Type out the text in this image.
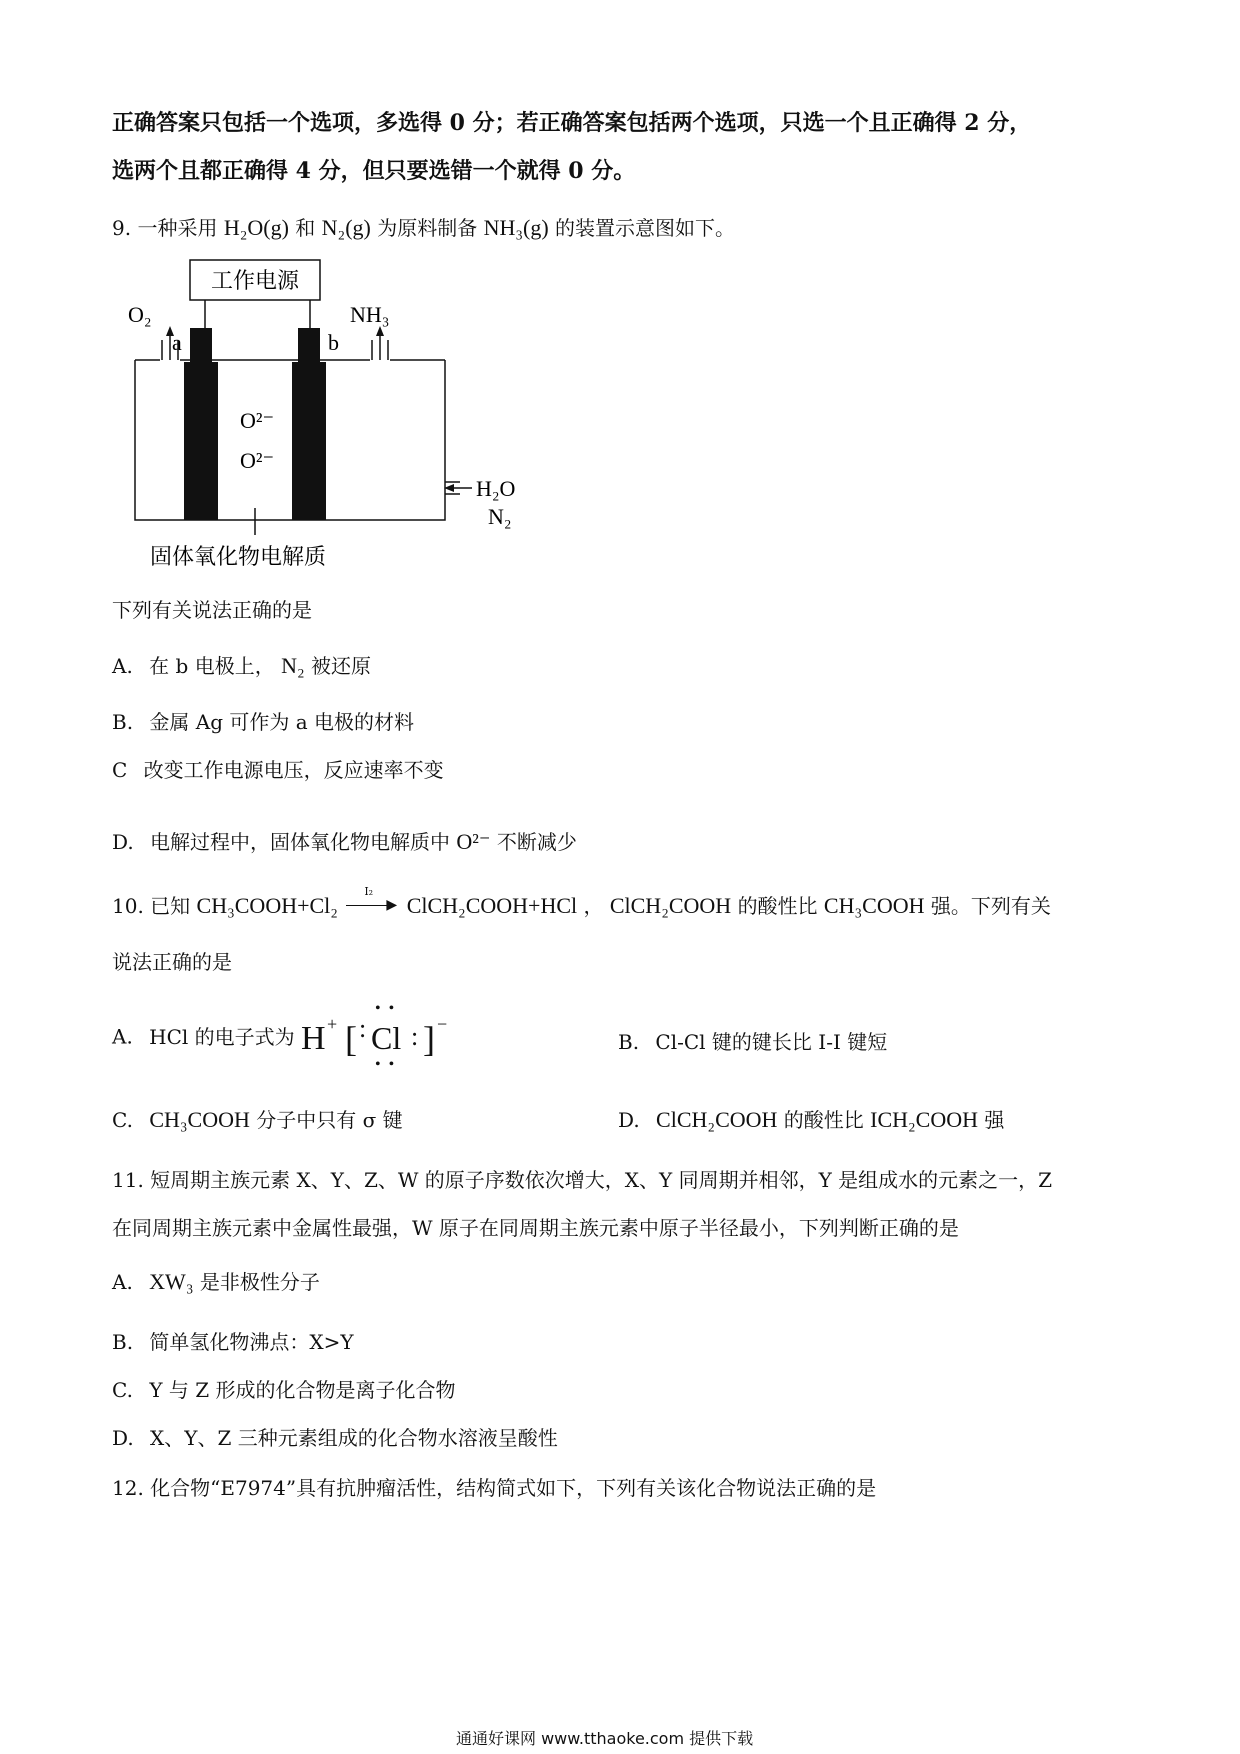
正确答案只包括一个选项，多选得 0 分；若正确答案包括两个选项，只选一个且正确得 2 分，
选两个且都正确得 4 分，但只要选错一个就得 0 分。
9. 一种采用 H₂O(g) 和 N₂(g) 为原料制备 NH₃(g) 的装置示意图如下。
工作电源
a	b
O₂	NH₃
O²⁻
O²⁻
H₂O
N₂
固体氧化物电解质
下列有关说法正确的是
A. 在 b 电极上， N₂ 被还原
B. 金属 Ag 可作为 a 电极的材料
C 改变工作电源电压，反应速率不变
D. 电解过程中，固体氧化物电解质中 O²⁻ 不断减少
10. 已知 CH₃COOH+Cl₂
I₂
▶ ClCH₂COOH+HCl ， ClCH₂COOH 的酸性比 CH₃COOH 强。下列有关
说法正确的是
A. HCl 的电子式为 H + [ : Cl
••
••
: ] −
B. Cl-Cl 键的键长比 I-I 键短
C. CH₃COOH 分子中只有 σ 键	D. ClCH₂COOH 的酸性比 ICH₂COOH 强
11. 短周期主族元素 X、Y、Z、W 的原子序数依次增大，X、Y 同周期并相邻，Y 是组成水的元素之一，Z
在同周期主族元素中金属性最强，W 原子在同周期主族元素中原子半径最小，下列判断正确的是
A. XW₃ 是非极性分子
B. 简单氢化物沸点：X>Y
C. Y 与 Z 形成的化合物是离子化合物
D. X、Y、Z 三种元素组成的化合物水溶液呈酸性
12. 化合物“E7974”具有抗肿瘤活性，结构简式如下，下列有关该化合物说法正确的是
通通好课网 www.tthaoke.com 提供下载
